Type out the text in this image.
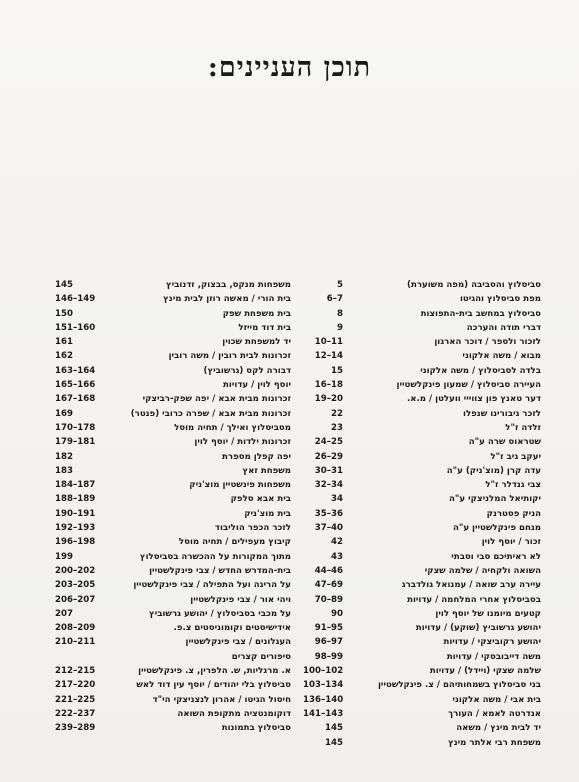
תוכן העניינים:
סביסלוץ והסביבה (מפה משוערת)
5
מפת סביסלוץ והגיטו
6–7
סביסלוץ במחשב בית-התפוצות
8
דברי תודה והערכה
9
לזכור ולספר / דוכר הארגון
10–11
מבוא / משה אלקוני
12–14
בלדה לסביסלוץ / משה אלקוני
15
העיירה סביסלוץ / שמעון פינקלשטיין
16–18
דער טאנץ פון צווייי וועלטן / מ.א.
19–20
לזכר גיבורינו שנפלו
22
זלדה ז"ל
23
שטראוס שרה ע"ה
24–25
יעקב גיב ז"ל
26–29
עדה קרן (מוצ'ניק) ע"ה
30–31
צבי גנדלר ז"ל
32–34
יקותיאל המלניצקי ע"ה
34
הניק פסטרנק
35–36
מנחם פינקלשטיין ע"ה
37–40
זכור / יוסף לוין
42
לא ראיתיכם סבי וסבתי
43
השואה ולקחיה / שלמה שצקי
44–46
עיירה ערב שואה / עמנואל גולדברג
47–69
בסביסלוץ אחרי המלחמה / עדויות
70–89
קטעים מיומנו של יוסף לוין
90
יהושע גרשוביץ (שוקע) / עדויות
91–95
יהושע רקוביצקי / עדויות
96–97
משה דייבובסקי / עדויות
98–99
שלמה שצקי (ויידל) / עדויות
100–102
בני סביסלוץ בשמחותיהם / צ. פינקלשטיין
103–134
בית אבי / משה אלקוני
136–140
אנדרטה לאמא / העורך
141–143
יד לבית מינץ / משאה
145
משפחת רבי אלתר מינץ
145
משפחות מנקס, בבצוק, זדנוביץ
145
בית הורי / מאשה רוזן לבית מינץ
146–149
בית משפחת שפק
150
בית דוד מייזל
151–160
יד למשפחת שכוין
161
זכרונות לבית רובין / משה רובין
162
דבורה לקס (גרשוביץ)
163–164
יוסף לוין / עדויות
165–166
זכרונות מבית אבא / יפה שפק-רביצקי
167–168
זכרונות מבית אבא / שפרה כרובי (פנטר)
169
מסביסלוץ ואילך / תחיה מוסל
170–178
זכרונות ילדות / יוסף לוין
179–181
יפה קפלן מספרת
182
משפחת זאץ
183
משפחות פינשטיין מוצ'ניק
184–187
בית אבא סלפק
188–189
בית מוצ'ניק
190–191
לזכר הכפר הוליבוד
192–193
קיבוץ מעפילים / תחיה מוסל
196–198
מתוך המקורות על ההכשרה בסביסלוץ
199
בית-המדרש החדש / צבי פינקלשטיין
200–202
על הריגה ועל התפילה / צבי פינקלשטיין
203–205
ויהי אור / צבי פינקלשטיין
206–207
על מכבי בסביסלוץ / יהושע גרשוביץ
207
אידישיסטים וקומוניסטים צ.פ.
208–209
העגלונים / צבי פינקלשטיין
210–211
סיפורים קצרים
א. מרגליות, ש. הלפרין, צ. פינקלשטיין
212–215
סביסלוץ בלי יהודים / יוסף עין דוד לאש
217–220
חיסול הגיטו / אהרון לנצניצקי הי"ד
221–225
דוקומנטציה מתקופת השואה
222–237
סביסלוץ בתמונות
239–289
